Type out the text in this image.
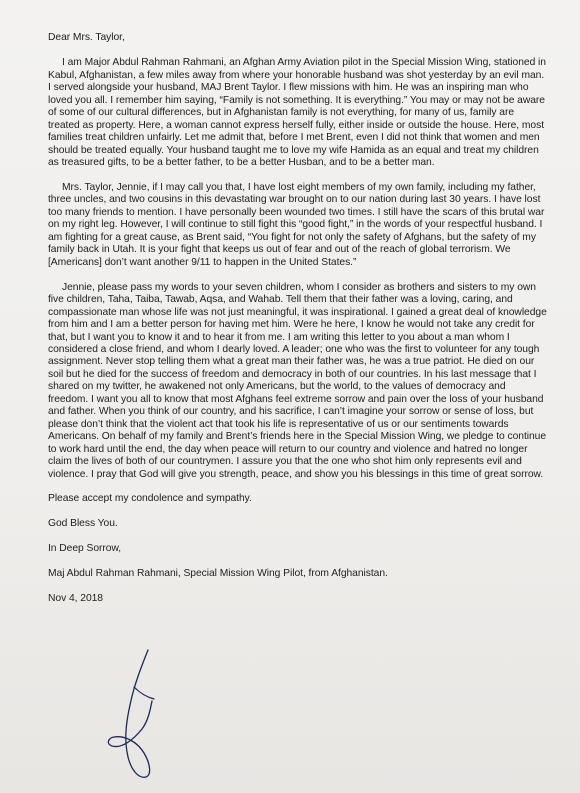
Dear Mrs. Taylor,

I am Major Abdul Rahman Rahmani, an Afghan Army Aviation pilot in the Special Mission Wing, stationed in Kabul, Afghanistan, a few miles away from where your honorable husband was shot yesterday by an evil man. I served alongside your husband, MAJ Brent Taylor. I flew missions with him. He was an inspiring man who loved you all. I remember him saying, “Family is not something. It is everything.” You may or may not be aware of some of our cultural differences, but in Afghanistan family is not everything, for many of us, family are treated as property. Here, a woman cannot express herself fully, either inside or outside the house. Here, most families treat children unfairly. Let me admit that, before I met Brent, even I did not think that women and men should be treated equally. Your husband taught me to love my wife Hamida as an equal and treat my children as treasured gifts, to be a better father, to be a better Husban, and to be a better man.

Mrs. Taylor, Jennie, if I may call you that, I have lost eight members of my own family, including my father, three uncles, and two cousins in this devastating war brought on to our nation during last 30 years. I have lost too many friends to mention. I have personally been wounded two times. I still have the scars of this brutal war on my right leg. However, I will continue to still fight this “good fight,” in the words of your respectful husband. I am fighting for a great cause, as Brent said, “You fight for not only the safety of Afghans, but the safety of my family back in Utah. It is your fight that keeps us out of fear and out of the reach of global terrorism. We [Americans] don’t want another 9/11 to happen in the United States.”

Jennie, please pass my words to your seven children, whom I consider as brothers and sisters to my own five children, Taha, Taiba, Tawab, Aqsa, and Wahab. Tell them that their father was a loving, caring, and compassionate man whose life was not just meaningful, it was inspirational. I gained a great deal of knowledge from him and I am a better person for having met him. Were he here, I know he would not take any credit for that, but I want you to know it and to hear it from me. I am writing this letter to you about a man whom I considered a close friend, and whom I dearly loved. A leader; one who was the first to volunteer for any tough assignment. Never stop telling them what a great man their father was, he was a true patriot. He died on our soil but he died for the success of freedom and democracy in both of our countries. In his last message that I shared on my twitter, he awakened not only Americans, but the world, to the values of democracy and freedom. I want you all to know that most Afghans feel extreme sorrow and pain over the loss of your husband and father. When you think of our country, and his sacrifice, I can’t imagine your sorrow or sense of loss, but please don’t think that the violent act that took his life is representative of us or our sentiments towards Americans. On behalf of my family and Brent’s friends here in the Special Mission Wing, we pledge to continue to work hard until the end, the day when peace will return to our country and violence and hatred no longer claim the lives of both of our countrymen. I assure you that the one who shot him only represents evil and violence. I pray that God will give you strength, peace, and show you his blessings in this time of great sorrow.

Please accept my condolence and sympathy.

God Bless You.

In Deep Sorrow,

Maj Abdul Rahman Rahmani, Special Mission Wing Pilot, from Afghanistan.

Nov 4, 2018
